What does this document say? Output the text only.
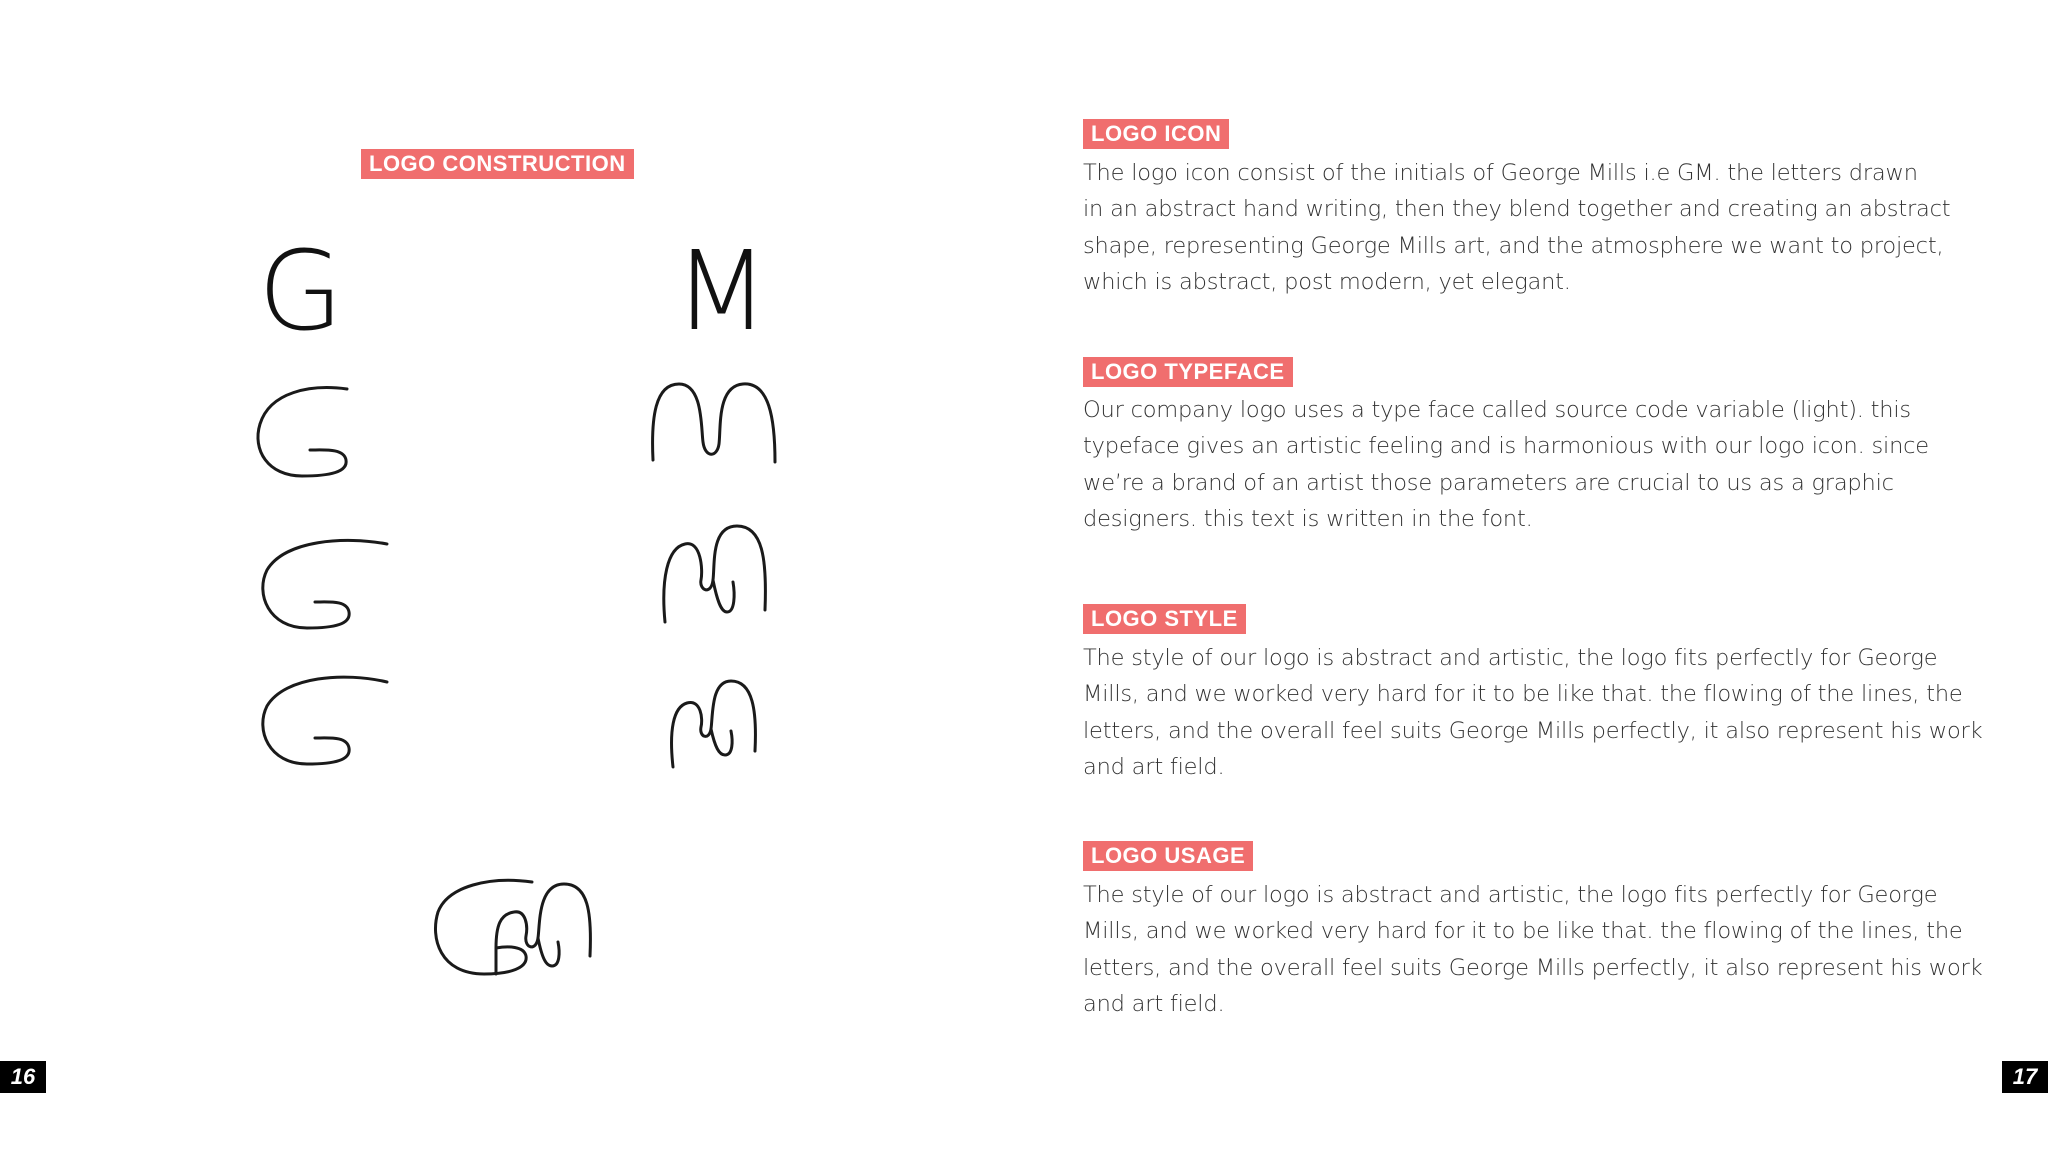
LOGO CONSTRUCTION
G	M
16
LOGO ICON
The logo icon consist of the initials of George Mills i.e GM. the letters drawn
in an abstract hand writing, then they blend together and creating an abstract
shape, representing George Mills art, and the atmosphere we want to project,
which is abstract, post modern, yet elegant.
LOGO TYPEFACE
Our company logo uses a type face called source code variable (light). this
typeface gives an artistic feeling and is harmonious with our logo icon. since
we’re a brand of an artist those parameters are crucial to us as a graphic
designers. this text is written in the font.
LOGO STYLE
The style of our logo is abstract and artistic, the logo fits perfectly for George
Mills, and we worked very hard for it to be like that. the flowing of the lines, the
letters, and the overall feel suits George Mills perfectly, it also represent his work
and art field.
LOGO USAGE
The style of our logo is abstract and artistic, the logo fits perfectly for George
Mills, and we worked very hard for it to be like that. the flowing of the lines, the
letters, and the overall feel suits George Mills perfectly, it also represent his work
and art field.
17
